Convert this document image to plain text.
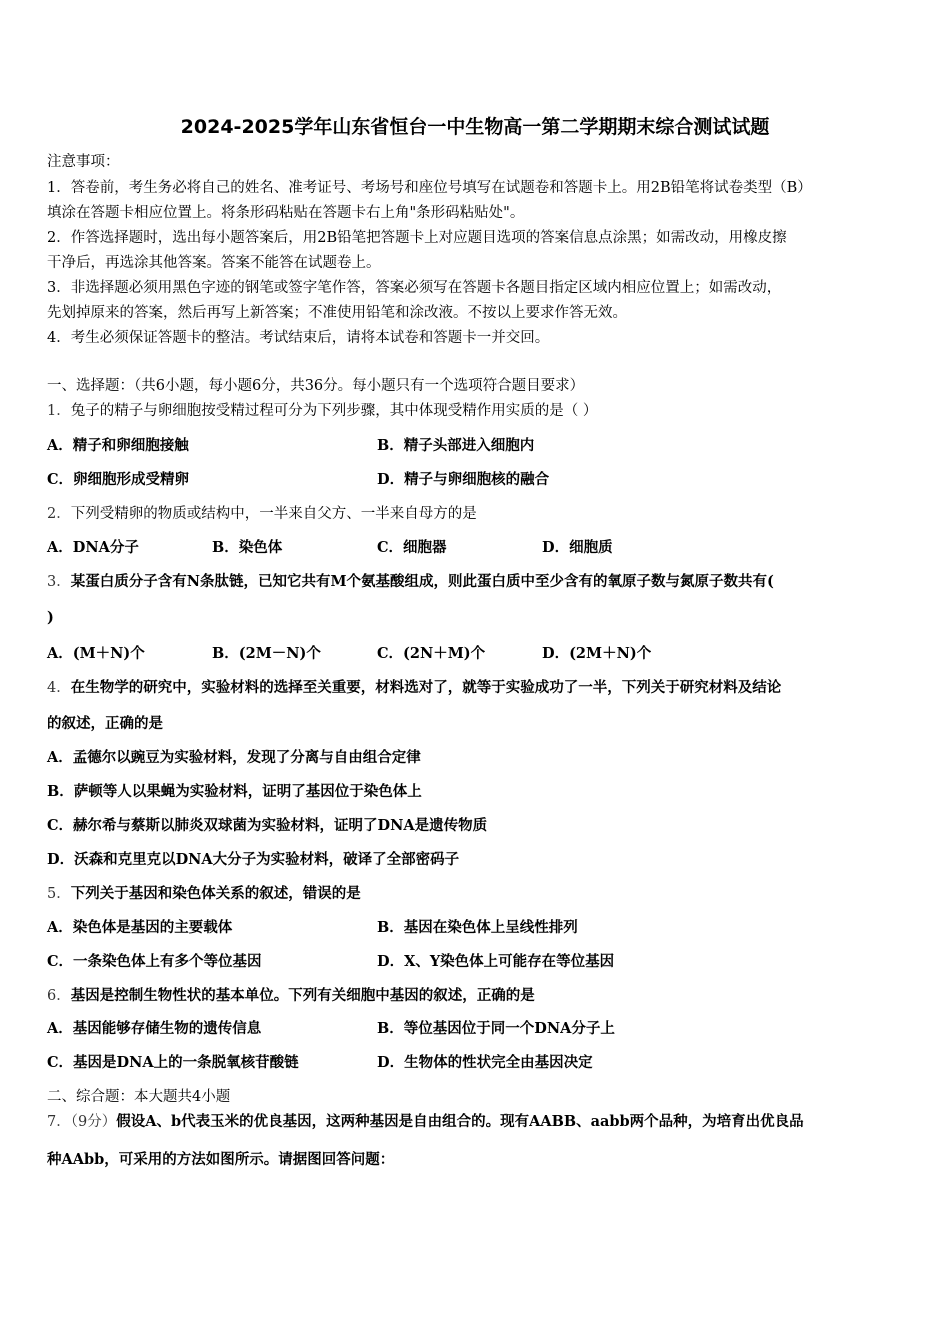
2024-2025学年山东省恒台一中生物高一第二学期期末综合测试试题
注意事项：
1．答卷前，考生务必将自己的姓名、准考证号、考场号和座位号填写在试题卷和答题卡上。用2B铅笔将试卷类型（B）
填涂在答题卡相应位置上。将条形码粘贴在答题卡右上角"条形码粘贴处"。
2．作答选择题时，选出每小题答案后，用2B铅笔把答题卡上对应题目选项的答案信息点涂黑；如需改动，用橡皮擦
干净后，再选涂其他答案。答案不能答在试题卷上。
3．非选择题必须用黑色字迹的钢笔或签字笔作答，答案必须写在答题卡各题目指定区域内相应位置上；如需改动，
先划掉原来的答案，然后再写上新答案；不准使用铅笔和涂改液。不按以上要求作答无效。
4．考生必须保证答题卡的整洁。考试结束后，请将本试卷和答题卡一并交回。
一、选择题：（共6小题，每小题6分，共36分。每小题只有一个选项符合题目要求）
1．兔子的精子与卵细胞按受精过程可分为下列步骤，其中体现受精作用实质的是（ ）
A．精子和卵细胞接触	B．精子头部进入细胞内
C．卵细胞形成受精卵	D．精子与卵细胞核的融合
2．下列受精卵的物质或结构中，一半来自父方、一半来自母方的是
A．DNA分子	B．染色体	C．细胞器	D．细胞质
3．某蛋白质分子含有N条肽链，已知它共有M个氨基酸组成，则此蛋白质中至少含有的氧原子数与氮原子数共有(
)
A．(M＋N)个	B．(2M－N)个	C．(2N＋M)个	D．(2M＋N)个
4．在生物学的研究中，实验材料的选择至关重要，材料选对了，就等于实验成功了一半，下列关于研究材料及结论
的叙述，正确的是
A．孟德尔以豌豆为实验材料，发现了分离与自由组合定律
B．萨顿等人以果蝇为实验材料，证明了基因位于染色体上
C．赫尔希与蔡斯以肺炎双球菌为实验材料，证明了DNA是遗传物质
D．沃森和克里克以DNA大分子为实验材料，破译了全部密码子
5．下列关于基因和染色体关系的叙述，错误的是
A．染色体是基因的主要载体	B．基因在染色体上呈线性排列
C．一条染色体上有多个等位基因	D．X、Y染色体上可能存在等位基因
6．基因是控制生物性状的基本单位。下列有关细胞中基因的叙述，正确的是
A．基因能够存储生物的遗传信息	B．等位基因位于同一个DNA分子上
C．基因是DNA上的一条脱氧核苷酸链	D．生物体的性状完全由基因决定
二、综合题：本大题共4小题
7．（9分）假设A、b代表玉米的优良基因，这两种基因是自由组合的。现有AABB、aabb两个品种，为培育出优良品
种AAbb，可采用的方法如图所示。请据图回答问题：
